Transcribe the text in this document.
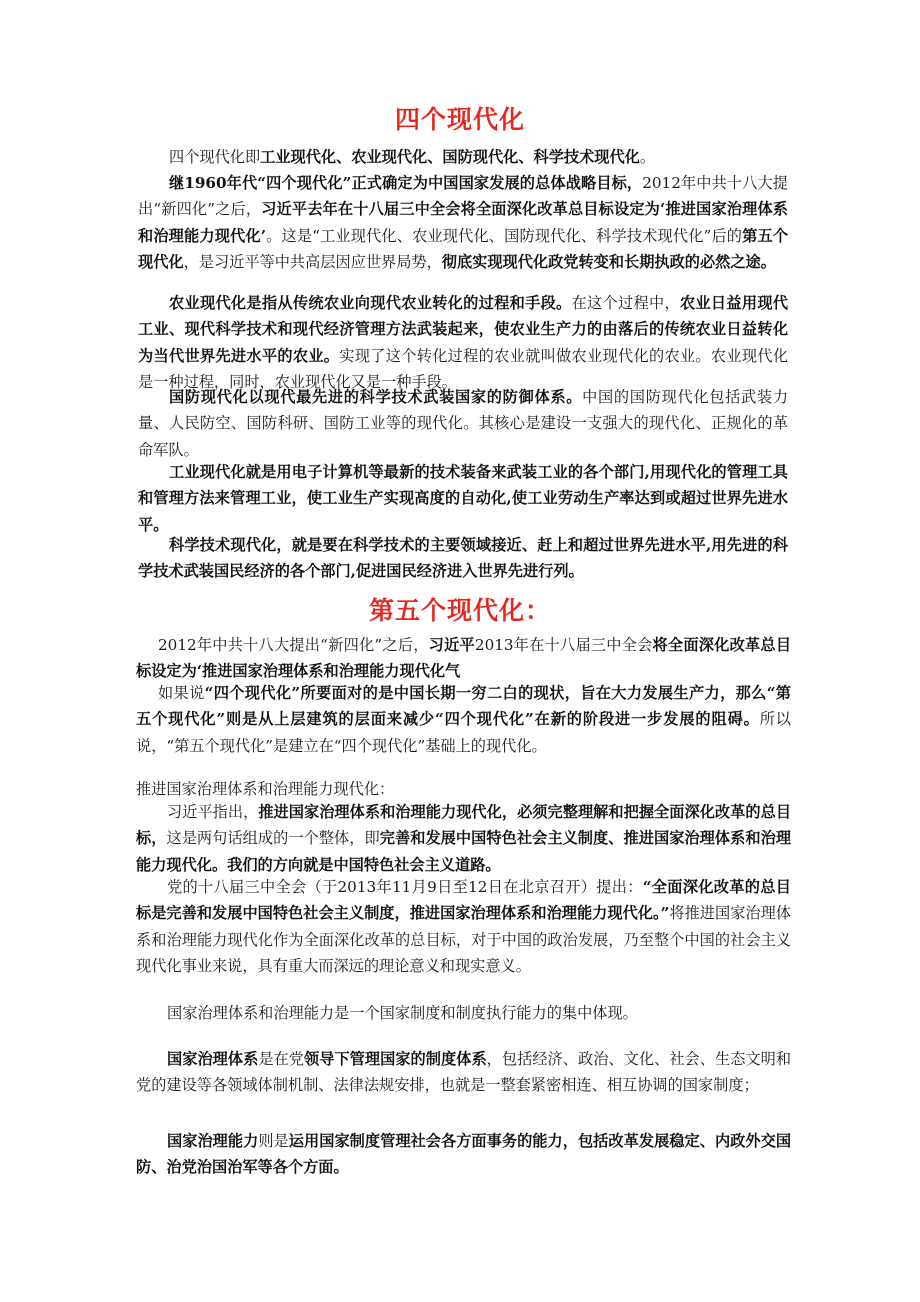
四个现代化
四个现代化即工业现代化、农业现代化、国防现代化、科学技术现代化。
继1960年代“四个现代化”正式确定为中国国家发展的总体战略目标，2012年中共十八大提出“新四化”之后，习近平去年在十八届三中全会将全面深化改革总目标设定为‘推进国家治理体系和治理能力现代化’。这是“工业现代化、农业现代化、国防现代化、科学技术现代化”后的第五个现代化，是习近平等中共高层因应世界局势，彻底实现现代化政党转变和长期执政的必然之途。
农业现代化是指从传统农业向现代农业转化的过程和手段。在这个过程中，农业日益用现代工业、现代科学技术和现代经济管理方法武装起来，使农业生产力的由落后的传统农业日益转化为当代世界先进水平的农业。实现了这个转化过程的农业就叫做农业现代化的农业。农业现代化是一种过程，同时，农业现代化又是一种手段。
国防现代化以现代最先进的科学技术武装国家的防御体系。中国的国防现代化包括武装力量、人民防空、国防科研、国防工业等的现代化。其核心是建设一支强大的现代化、正规化的革命军队。
工业现代化就是用电子计算机等最新的技术装备来武装工业的各个部门,用现代化的管理工具和管理方法来管理工业，使工业生产实现高度的自动化,使工业劳动生产率达到或超过世界先进水平。
科学技术现代化，就是要在科学技术的主要领域接近、赶上和超过世界先进水平,用先进的科学技术武装国民经济的各个部门,促进国民经济进入世界先进行列。
第五个现代化：
2012年中共十八大提出“新四化”之后，习近平2013年在十八届三中全会将全面深化改革总目标设定为‘推进国家治理体系和治理能力现代化气
如果说“四个现代化”所要面对的是中国长期一穷二白的现状，旨在大力发展生产力，那么“第五个现代化”则是从上层建筑的层面来减少“四个现代化”在新的阶段进一步发展的阻碍。所以说，“第五个现代化”是建立在“四个现代化”基础上的现代化。
推进国家治理体系和治理能力现代化：
习近平指出，推进国家治理体系和治理能力现代化，必须完整理解和把握全面深化改革的总目标，这是两句话组成的一个整体，即完善和发展中国特色社会主义制度、推进国家治理体系和治理能力现代化。我们的方向就是中国特色社会主义道路。
党的十八届三中全会（于2013年11月9日至12日在北京召开）提出：“全面深化改革的总目标是完善和发展中国特色社会主义制度，推进国家治理体系和治理能力现代化。”将推进国家治理体系和治理能力现代化作为全面深化改革的总目标，对于中国的政治发展，乃至整个中国的社会主义现代化事业来说，具有重大而深远的理论意义和现实意义。
国家治理体系和治理能力是一个国家制度和制度执行能力的集中体现。
国家治理体系是在党领导下管理国家的制度体系，包括经济、政治、文化、社会、生态文明和党的建设等各领域体制机制、法律法规安排，也就是一整套紧密相连、相互协调的国家制度；
国家治理能力则是运用国家制度管理社会各方面事务的能力，包括改革发展稳定、内政外交国防、治党治国治军等各个方面。
